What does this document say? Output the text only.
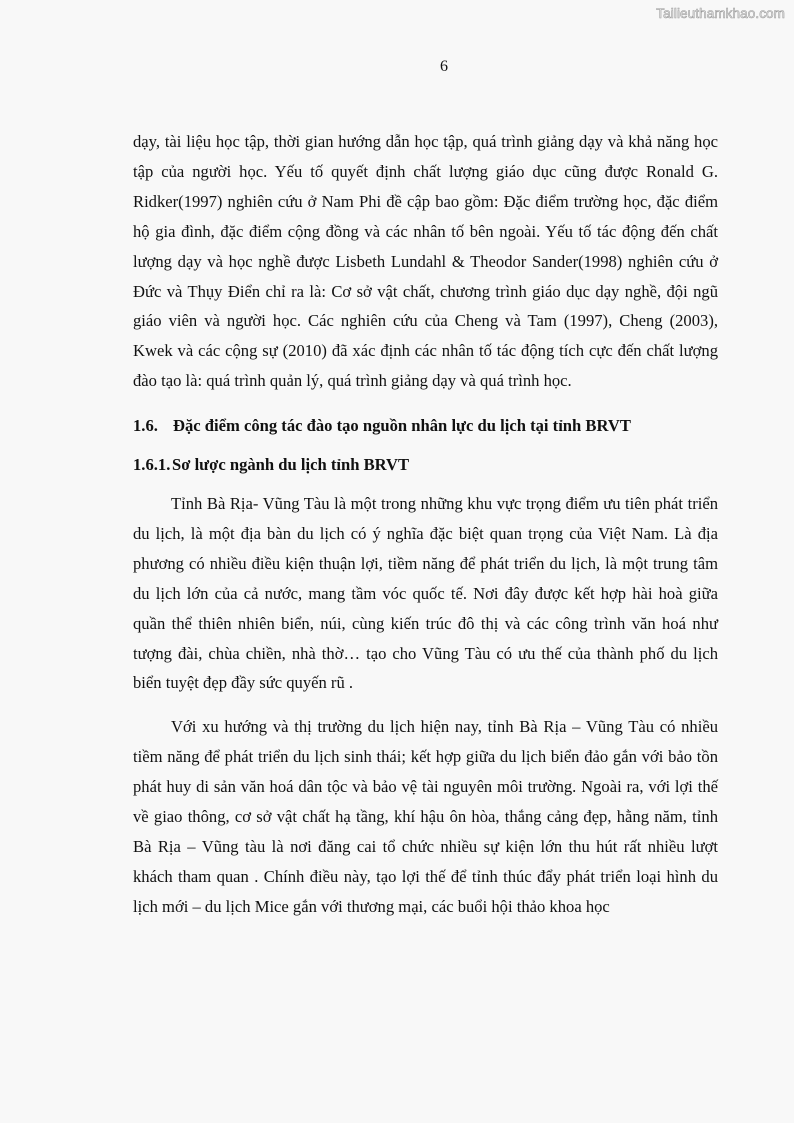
Tailieuthamkhao.com
6

dạy, tài liệu học tập, thời gian hướng dẫn học tập, quá trình giảng dạy và khả năng học tập của người học. Yếu tố quyết định chất lượng giáo dục cũng được Ronald G. Ridker(1997) nghiên cứu ở Nam Phi đề cập bao gồm: Đặc điểm trường học, đặc điểm hộ gia đình, đặc điểm cộng đồng và các nhân tố bên ngoài. Yếu tố tác động đến chất lượng dạy và học nghề được Lisbeth Lundahl & Theodor Sander(1998) nghiên cứu ở Đức và Thụy Điển chỉ ra là: Cơ sở vật chất, chương trình giáo dục dạy nghề, đội ngũ giáo viên và người học. Các nghiên cứu của Cheng và Tam (1997), Cheng (2003), Kwek và các cộng sự (2010) đã xác định các nhân tố tác động tích cực đến chất lượng đào tạo là: quá trình quản lý, quá trình giảng dạy và quá trình học.

1.6. Đặc điểm công tác đào tạo nguồn nhân lực du lịch tại tỉnh BRVT
1.6.1.Sơ lược ngành du lịch tỉnh BRVT

Tỉnh Bà Rịa- Vũng Tàu là một trong những khu vực trọng điểm ưu tiên phát triển du lịch, là một địa bàn du lịch có ý nghĩa đặc biệt quan trọng của Việt Nam. Là địa phương có nhiều điều kiện thuận lợi, tiềm năng để phát triển du lịch, là một trung tâm du lịch lớn của cả nước, mang tầm vóc quốc tế. Nơi đây được kết hợp hài hoà giữa quần thể thiên nhiên biển, núi, cùng kiến trúc đô thị và các công trình văn hoá như tượng đài, chùa chiền, nhà thờ… tạo cho Vũng Tàu có ưu thế của thành phố du lịch biển tuyệt đẹp đầy sức quyến rũ .

Với xu hướng và thị trường du lịch hiện nay, tỉnh Bà Rịa – Vũng Tàu có nhiều tiềm năng để phát triển du lịch sinh thái; kết hợp giữa du lịch biển đảo gắn với bảo tồn phát huy di sản văn hoá dân tộc và bảo vệ tài nguyên môi trường. Ngoài ra, với lợi thế về giao thông, cơ sở vật chất hạ tầng, khí hậu ôn hòa, thắng cảng đẹp, hằng năm, tỉnh Bà Rịa – Vũng tàu là nơi đăng cai tổ chức nhiều sự kiện lớn thu hút rất nhiều lượt khách tham quan . Chính điều này, tạo lợi thế để tỉnh thúc đẩy phát triển loại hình du lịch mới – du lịch Mice gắn với thương mại, các buổi hội thảo khoa học
